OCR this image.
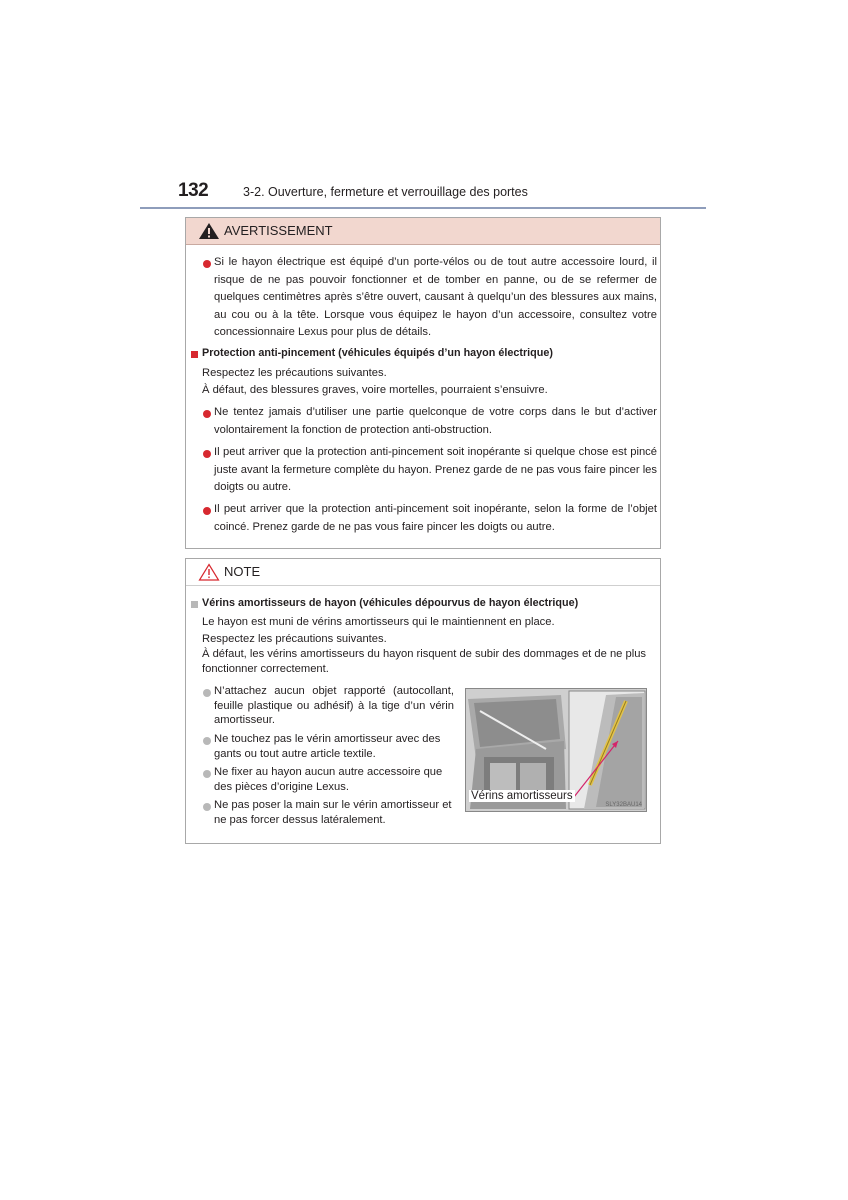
132	3-2. Ouverture, fermeture et verrouillage des portes
AVERTISSEMENT
Si le hayon électrique est équipé d’un porte-vélos ou de tout autre accessoire lourd, il risque de ne pas pouvoir fonctionner et de tomber en panne, ou de se refermer de quelques centimètres après s’être ouvert, causant à quelqu’un des blessures aux mains, au cou ou à la tête. Lorsque vous équipez le hayon d’un accessoire, consultez votre concessionnaire Lexus pour plus de détails.
Protection anti-pincement (véhicules équipés d’un hayon électrique)
Respectez les précautions suivantes.
À défaut, des blessures graves, voire mortelles, pourraient s’ensuivre.
Ne tentez jamais d’utiliser une partie quelconque de votre corps dans le but d’activer volontairement la fonction de protection anti-obstruction.
Il peut arriver que la protection anti-pincement soit inopérante si quelque chose est pincé juste avant la fermeture complète du hayon. Prenez garde de ne pas vous faire pincer les doigts ou autre.
Il peut arriver que la protection anti-pincement soit inopérante, selon la forme de l’objet coincé. Prenez garde de ne pas vous faire pincer les doigts ou autre.
NOTE
Vérins amortisseurs de hayon (véhicules dépourvus de hayon électrique)
Le hayon est muni de vérins amortisseurs qui le maintiennent en place.
Respectez les précautions suivantes.
À défaut, les vérins amortisseurs du hayon risquent de subir des dommages et de ne plus fonctionner correctement.
N’attachez aucun objet rapporté (autocollant, feuille plastique ou adhésif) à la tige d’un vérin amortisseur.
Ne touchez pas le vérin amortisseur avec des gants ou tout autre article textile.
Ne fixer au hayon aucun autre accessoire que des pièces d’origine Lexus.
Ne pas poser la main sur le vérin amortisseur et ne pas forcer dessus latéralement.
Vérins amortisseurs
SLY32BAU14
